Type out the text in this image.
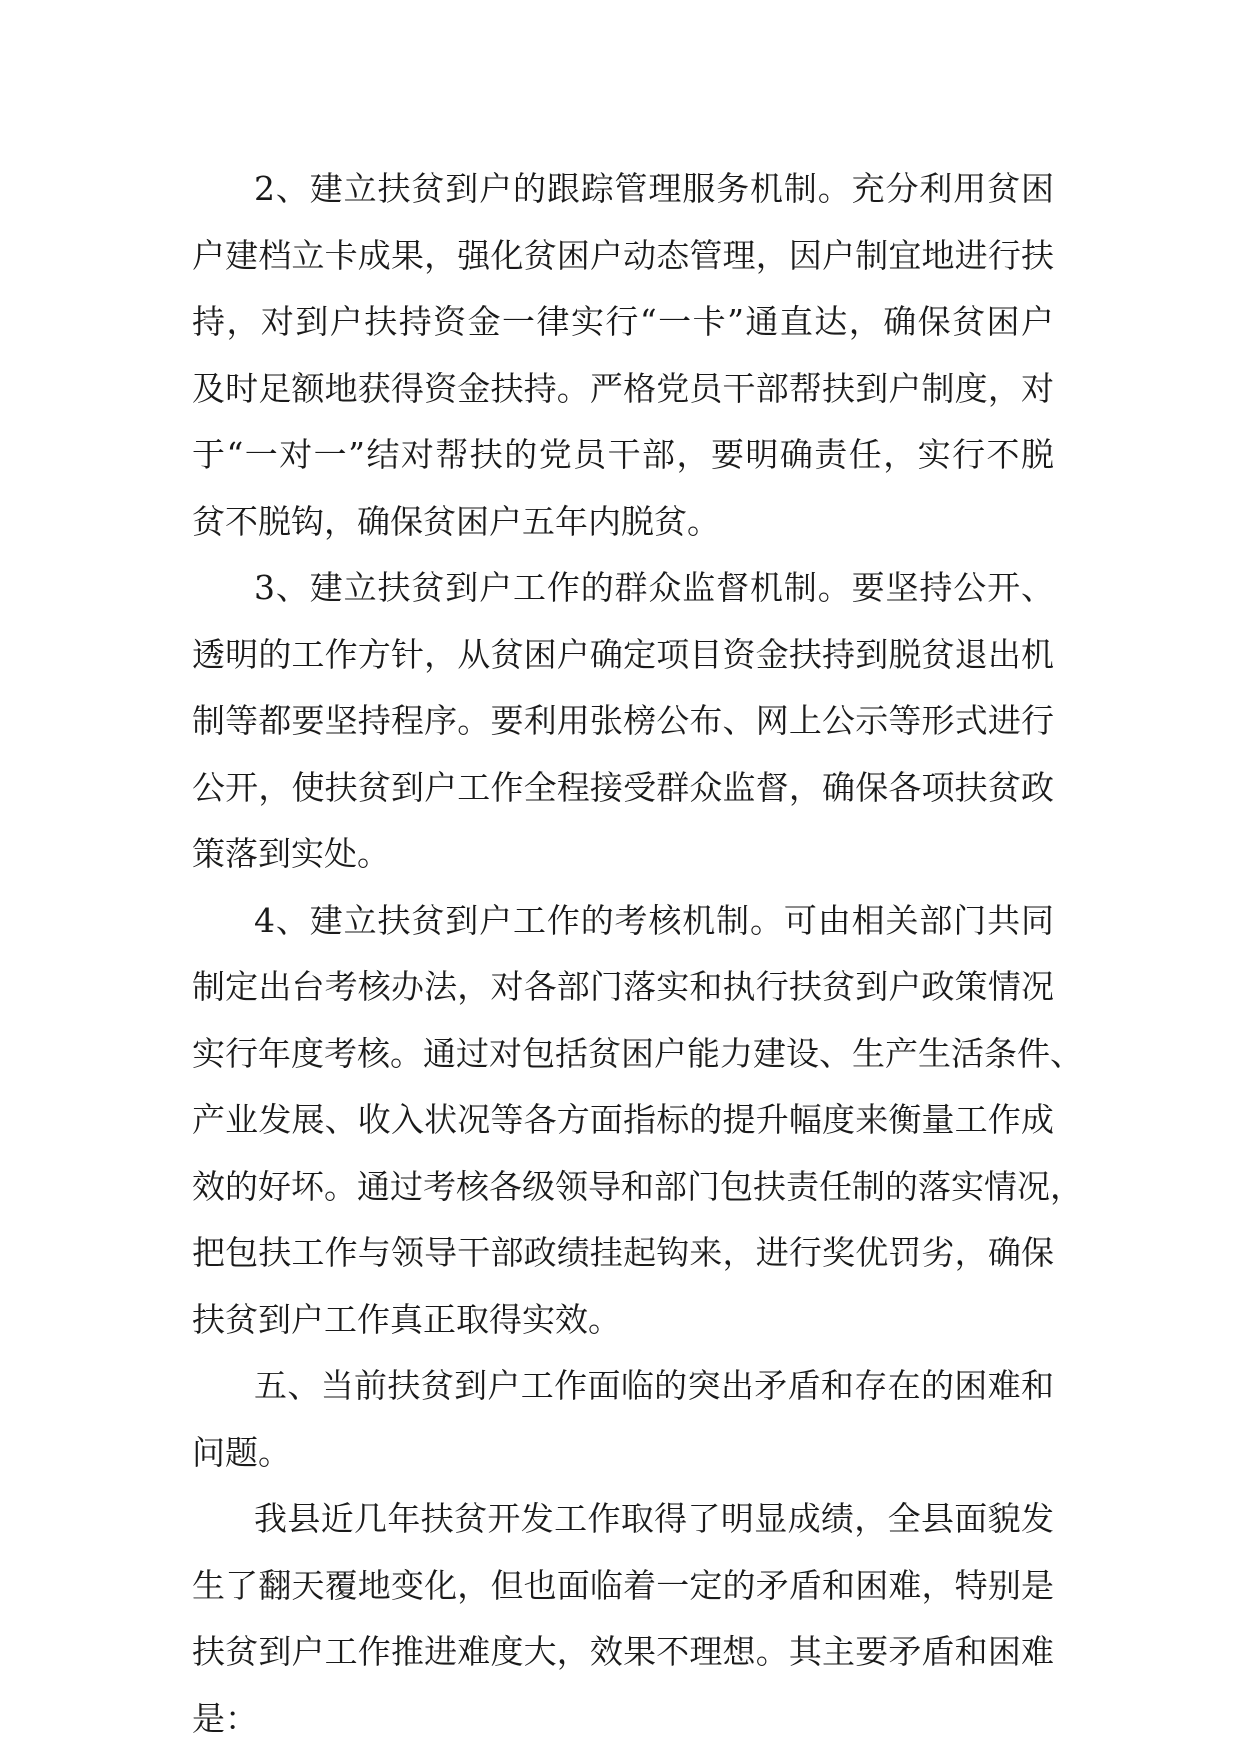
2、建立扶贫到户的跟踪管理服务机制。充分利用贫困
户建档立卡成果，强化贫困户动态管理，因户制宜地进行扶
持，对到户扶持资金一律实行“一卡”通直达，确保贫困户
及时足额地获得资金扶持。严格党员干部帮扶到户制度，对
于“一对一”结对帮扶的党员干部，要明确责任，实行不脱
贫不脱钩，确保贫困户五年内脱贫。
3、建立扶贫到户工作的群众监督机制。要坚持公开、
透明的工作方针，从贫困户确定项目资金扶持到脱贫退出机
制等都要坚持程序。要利用张榜公布、网上公示等形式进行
公开，使扶贫到户工作全程接受群众监督，确保各项扶贫政
策落到实处。
4、建立扶贫到户工作的考核机制。可由相关部门共同
制定出台考核办法，对各部门落实和执行扶贫到户政策情况
实行年度考核。通过对包括贫困户能力建设、生产生活条件、
产业发展、收入状况等各方面指标的提升幅度来衡量工作成
效的好坏。通过考核各级领导和部门包扶责任制的落实情况，
把包扶工作与领导干部政绩挂起钩来，进行奖优罚劣，确保
扶贫到户工作真正取得实效。
五、当前扶贫到户工作面临的突出矛盾和存在的困难和
问题。
我县近几年扶贫开发工作取得了明显成绩，全县面貌发
生了翻天覆地变化，但也面临着一定的矛盾和困难，特别是
扶贫到户工作推进难度大，效果不理想。其主要矛盾和困难
是：
